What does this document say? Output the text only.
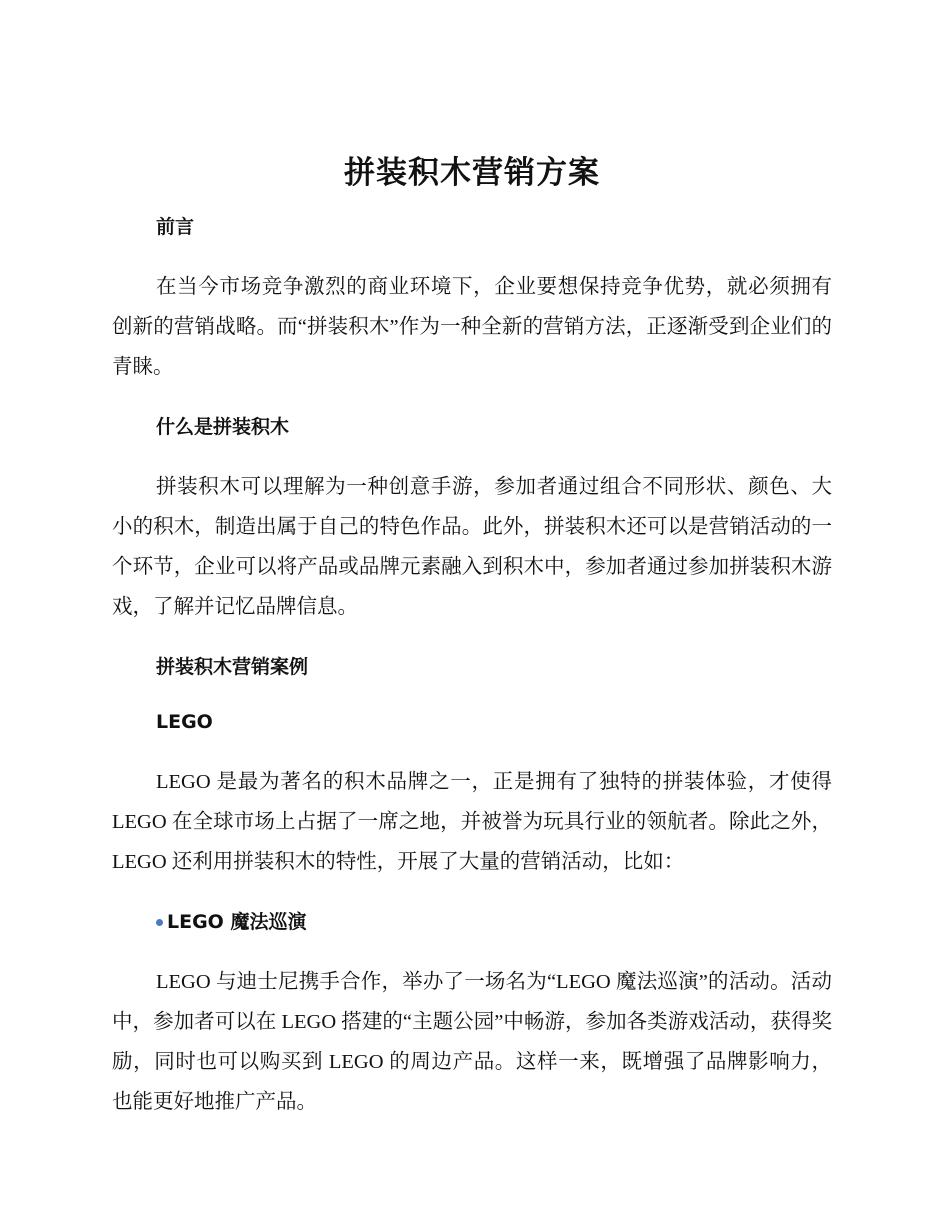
拼装积木营销方案
前言

在当今市场竞争激烈的商业环境下，企业要想保持竞争优势，就必须拥有创新的营销战略。而“拼装积木”作为一种全新的营销方法，正逐渐受到企业们的青睐。

什么是拼装积木

拼装积木可以理解为一种创意手游，参加者通过组合不同形状、颜色、大小的积木，制造出属于自己的特色作品。此外，拼装积木还可以是营销活动的一个环节，企业可以将产品或品牌元素融入到积木中，参加者通过参加拼装积木游戏，了解并记忆品牌信息。

拼装积木营销案例
LEGO

LEGO 是最为著名的积木品牌之一，正是拥有了独特的拼装体验，才使得 LEGO 在全球市场上占据了一席之地，并被誉为玩具行业的领航者。除此之外，LEGO 还利用拼装积木的特性，开展了大量的营销活动，比如：

LEGO 魔法巡演

LEGO 与迪士尼携手合作，举办了一场名为“LEGO 魔法巡演”的活动。活动中，参加者可以在 LEGO 搭建的“主题公园”中畅游，参加各类游戏活动，获得奖励，同时也可以购买到 LEGO 的周边产品。这样一来，既增强了品牌影响力，也能更好地推广产品。
